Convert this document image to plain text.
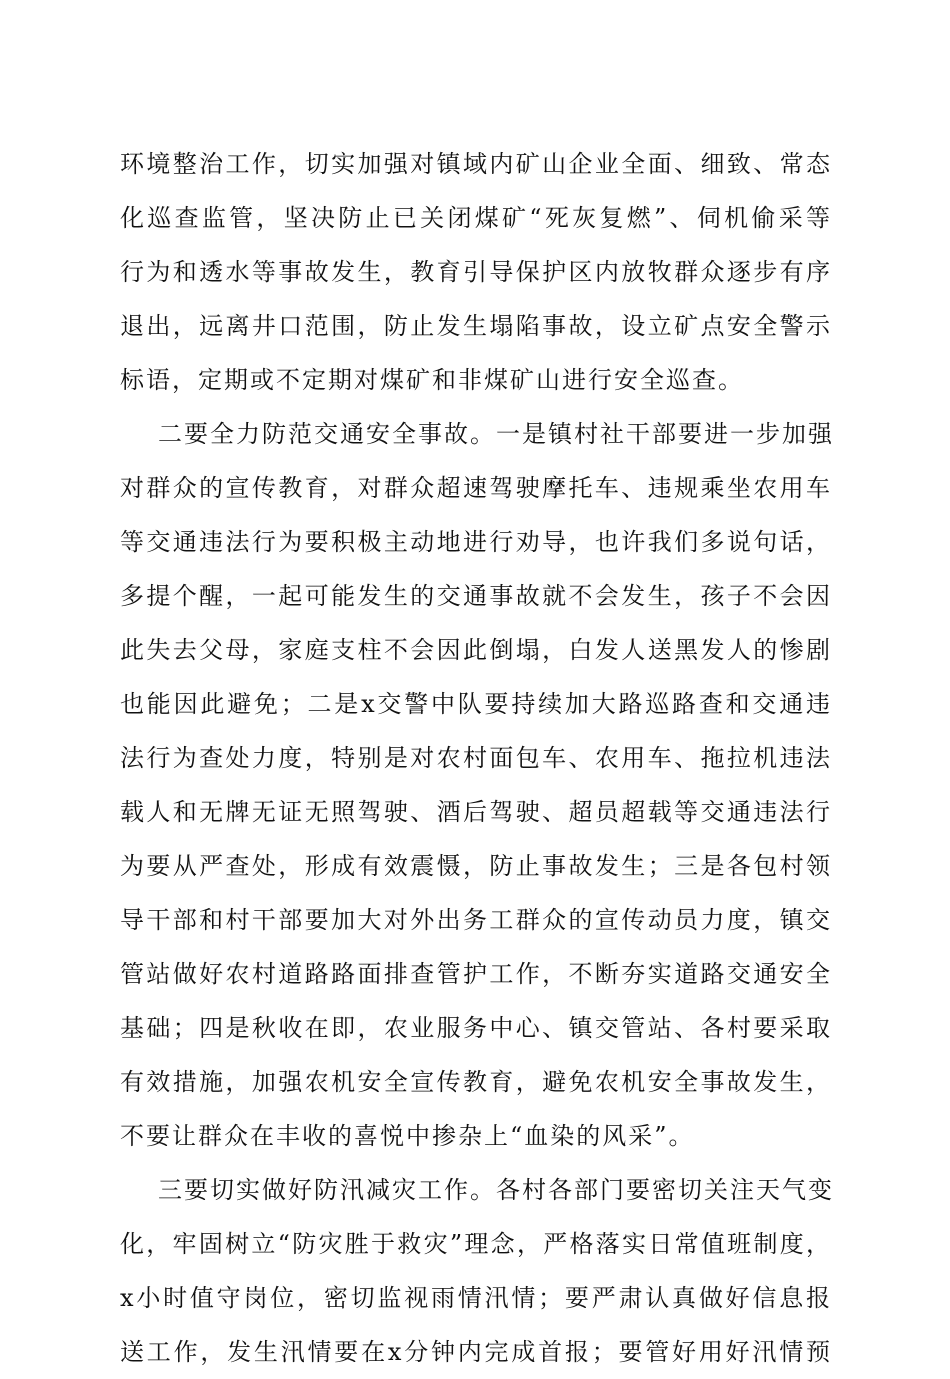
环境整治工作，切实加强对镇域内矿山企业全面、细致、常态
化巡查监管，坚决防止已关闭煤矿“死灰复燃”、伺机偷采等
行为和透水等事故发生，教育引导保护区内放牧群众逐步有序
退出，远离井口范围，防止发生塌陷事故，设立矿点安全警示
标语，定期或不定期对煤矿和非煤矿山进行安全巡查。
二要全力防范交通安全事故。一是镇村社干部要进一步加强
对群众的宣传教育，对群众超速驾驶摩托车、违规乘坐农用车
等交通违法行为要积极主动地进行劝导，也许我们多说句话，
多提个醒，一起可能发生的交通事故就不会发生，孩子不会因
此失去父母，家庭支柱不会因此倒塌，白发人送黑发人的惨剧
也能因此避免；二是x交警中队要持续加大路巡路查和交通违
法行为查处力度，特别是对农村面包车、农用车、拖拉机违法
载人和无牌无证无照驾驶、酒后驾驶、超员超载等交通违法行
为要从严查处，形成有效震慑，防止事故发生；三是各包村领
导干部和村干部要加大对外出务工群众的宣传动员力度，镇交
管站做好农村道路路面排查管护工作，不断夯实道路交通安全
基础；四是秋收在即，农业服务中心、镇交管站、各村要采取
有效措施，加强农机安全宣传教育，避免农机安全事故发生，
不要让群众在丰收的喜悦中掺杂上“血染的风采”。
三要切实做好防汛减灾工作。各村各部门要密切关注天气变
化，牢固树立“防灾胜于救灾”理念，严格落实日常值班制度，
x小时值守岗位，密切监视雨情汛情；要严肃认真做好信息报
送工作，发生汛情要在x分钟内完成首报；要管好用好汛情预
